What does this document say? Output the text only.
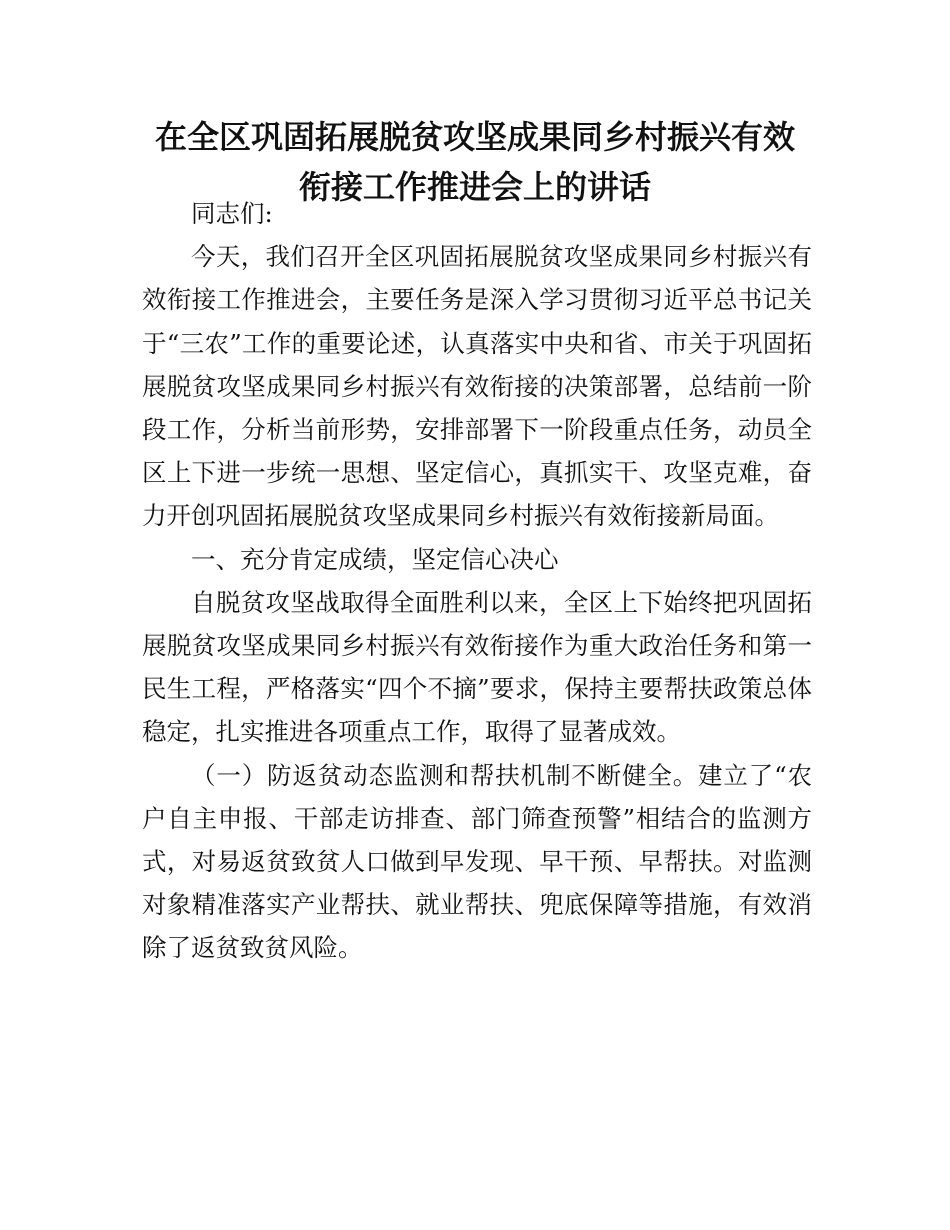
在全区巩固拓展脱贫攻坚成果同乡村振兴有效
衔接工作推进会上的讲话

同志们:

今天，我们召开全区巩固拓展脱贫攻坚成果同乡村振兴有效衔接工作推进会，主要任务是深入学习贯彻习近平总书记关于“三农”工作的重要论述，认真落实中央和省、市关于巩固拓展脱贫攻坚成果同乡村振兴有效衔接的决策部署，总结前一阶段工作，分析当前形势，安排部署下一阶段重点任务，动员全区上下进一步统一思想、坚定信心，真抓实干、攻坚克难，奋力开创巩固拓展脱贫攻坚成果同乡村振兴有效衔接新局面。

一、充分肯定成绩，坚定信心决心

自脱贫攻坚战取得全面胜利以来，全区上下始终把巩固拓展脱贫攻坚成果同乡村振兴有效衔接作为重大政治任务和第一民生工程，严格落实“四个不摘”要求，保持主要帮扶政策总体稳定，扎实推进各项重点工作，取得了显著成效。

（一）防返贫动态监测和帮扶机制不断健全。建立了“农户自主申报、干部走访排查、部门筛查预警”相结合的监测方式，对易返贫致贫人口做到早发现、早干预、早帮扶。对监测对象精准落实产业帮扶、就业帮扶、兜底保障等措施，有效消除了返贫致贫风险。
